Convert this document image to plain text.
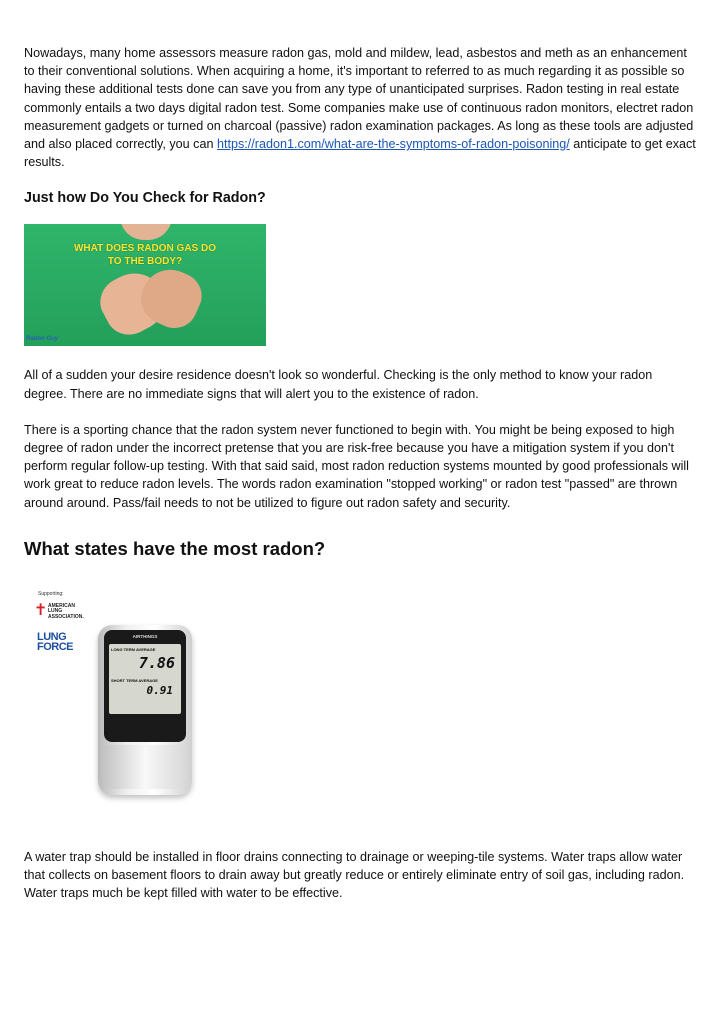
Nowadays, many home assessors measure radon gas, mold and mildew, lead, asbestos and meth as an enhancement to their conventional solutions. When acquiring a home, it's important to referred to as much regarding it as possible so having these additional tests done can save you from any type of unanticipated surprises. Radon testing in real estate commonly entails a two days digital radon test. Some companies make use of continuous radon monitors, electret radon measurement gadgets or turned on charcoal (passive) radon examination packages. As long as these tools are adjusted and also placed correctly, you can https://radon1.com/what-are-the-symptoms-of-radon-poisoning/ anticipate to get exact results.

Just how Do You Check for Radon?
WHAT DOES RADON GAS DO
TO THE BODY?
Radon Guy

All of a sudden your desire residence doesn't look so wonderful. Checking is the only method to know your radon degree. There are no immediate signs that will alert you to the existence of radon.

There is a sporting chance that the radon system never functioned to begin with. You might be being exposed to high degree of radon under the incorrect pretense that you are risk-free because you have a mitigation system if you don't perform regular follow-up testing. With that said said, most radon reduction systems mounted by good professionals will work great to reduce radon levels. The words radon examination "stopped working" or radon test "passed" are thrown around around. Pass/fail needs to not be utilized to figure out radon safety and security.

What states have the most radon?
Supporting:
✝ AMERICAN
LUNG
ASSOCIATION.
LUNG
FORCE
AIRTHINGS
LONG TERM AVERAGE
7.86
SHORT TERM AVERAGE
0.91

A water trap should be installed in floor drains connecting to drainage or weeping-tile systems. Water traps allow water that collects on basement floors to drain away but greatly reduce or entirely eliminate entry of soil gas, including radon. Water traps much be kept filled with water to be effective.
